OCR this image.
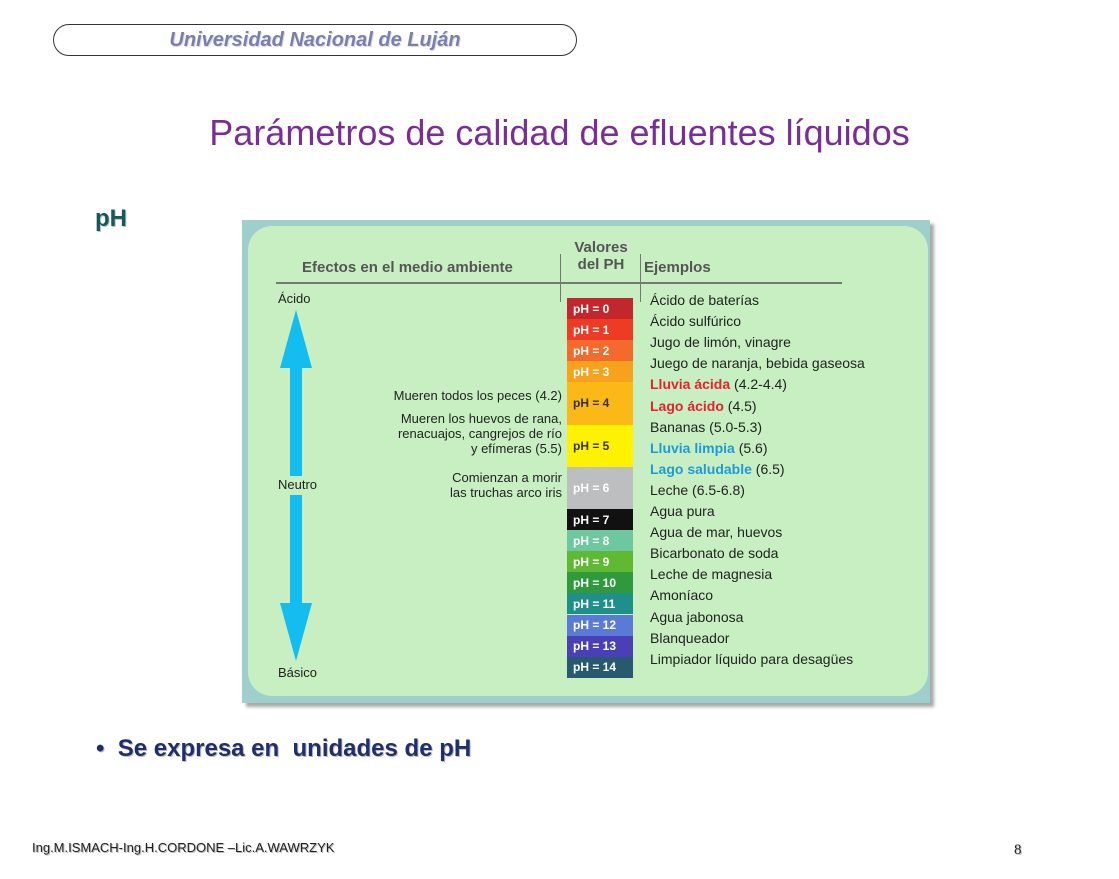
Universidad Nacional de Luján
Parámetros de calidad de efluentes líquidos
pH
Efectos en el medio ambiente
Valores
del PH	Ejemplos
Ácido
Neutro
Básico
Mueren todos los peces (4.2)
Mueren los huevos de rana,
renacuajos, cangrejos de río
y efímeras (5.5)
Comienzan a morir
las truchas arco iris
pH = 0
pH = 1
pH = 2
pH = 3
pH = 4
pH = 5
pH = 6
pH = 7
pH = 8
pH = 9
pH = 10
pH = 11
pH = 12
pH = 13
pH = 14
Ácido de baterías
Ácido sulfúrico
Jugo de limón, vinagre
Juego de naranja, bebida gaseosa
Lluvia ácida (4.2-4.4)
Lago ácido (4.5)
Bananas (5.0-5.3)
Lluvia limpia (5.6)
Lago saludable (6.5)
Leche (6.5-6.8)
Agua pura
Agua de mar, huevos
Bicarbonato de soda
Leche de magnesia
Amoníaco
Agua jabonosa
Blanqueador
Limpiador líquido para desagües
•  Se expresa en  unidades de pH
Ing.M.ISMACH-Ing.H.CORDONE –Lic.A.WAWRZYK	8
